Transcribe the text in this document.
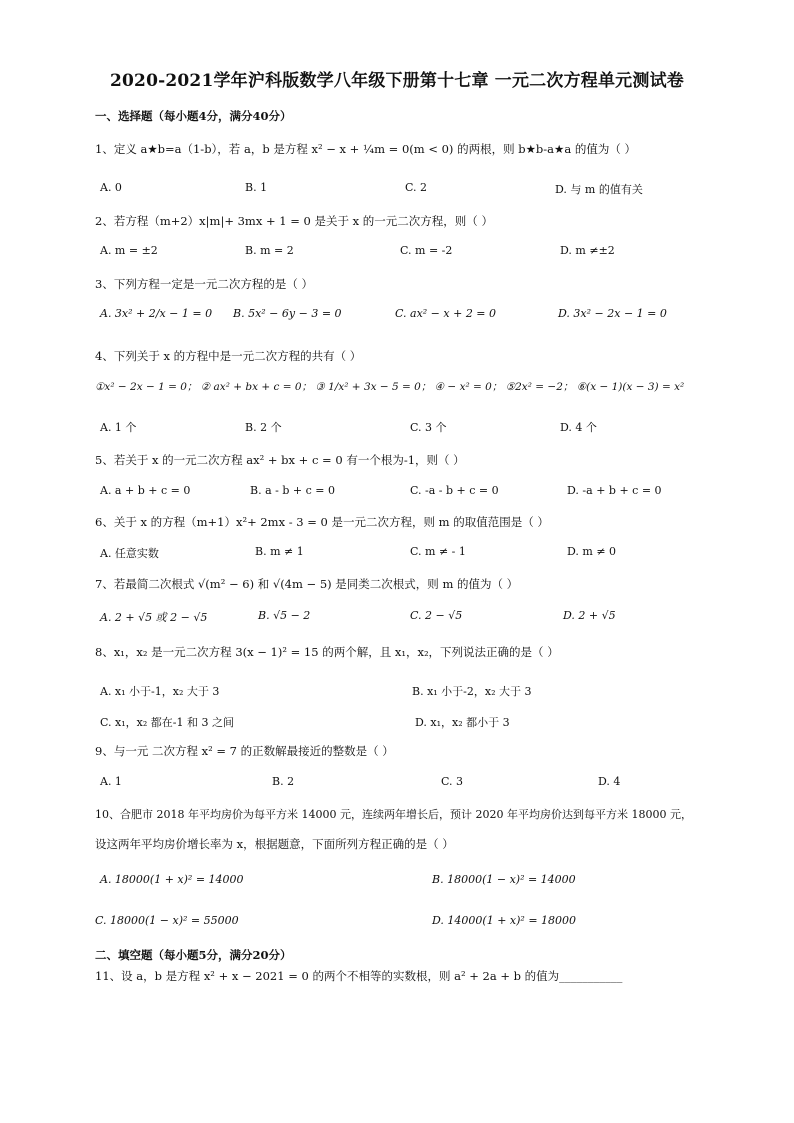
2020-2021学年沪科版数学八年级下册第十七章 一元二次方程单元测试卷
一、选择题（每小题4分，满分40分）
1、定义 a★b=a（1-b），若 a，b 是方程 x² − x + ¼m = 0(m < 0) 的两根，则 b★b-a★a 的值为（ ）
A. 0	B. 1	C. 2	D. 与 m 的值有关
2、若方程（m+2）x|m|+ 3mx + 1 = 0 是关于 x 的一元二次方程，则（ ）
A. m = ±2	B. m = 2	C. m = -2	D. m ≠±2
3、下列方程一定是一元二次方程的是（ ）
A. 3x² + 2/x − 1 = 0 B. 5x² − 6y − 3 = 0	C. ax² − x + 2 = 0	D. 3x² − 2x − 1 = 0
4、下列关于 x 的方程中是一元二次方程的共有（ ）
①x² − 2x − 1 = 0； ② ax² + bx + c = 0； ③ 1/x² + 3x − 5 = 0； ④ − x² = 0； ⑤2x² = −2； ⑥(x − 1)(x − 3) = x²
A. 1 个	B. 2 个	C. 3 个	D. 4 个
5、若关于 x 的一元二次方程 ax² + bx + c = 0 有一个根为-1，则（ ）
A. a + b + c = 0	B. a - b + c = 0	C. -a - b + c = 0	D. -a + b + c = 0
6、关于 x 的方程（m+1）x²+ 2mx - 3 = 0 是一元二次方程，则 m 的取值范围是（ ）
A. 任意实数	B. m ≠ 1	C. m ≠ - 1	D. m ≠ 0
7、若最简二次根式 √(m² − 6) 和 √(4m − 5) 是同类二次根式，则 m 的值为（ ）
A. 2 + √5 或 2 − √5	B. √5 − 2	C. 2 − √5	D. 2 + √5
8、x₁，x₂ 是一元二次方程 3(x − 1)² = 15 的两个解，且 x₁，x₂，下列说法正确的是（ ）
A. x₁ 小于-1，x₂ 大于 3	B. x₁ 小于-2，x₂ 大于 3
C. x₁，x₂ 都在-1 和 3 之间	D. x₁，x₂ 都小于 3
9、与一元 二次方程 x² = 7 的正数解最接近的整数是（ ）
A. 1	B. 2	C. 3	D. 4
10、合肥市 2018 年平均房价为每平方米 14000 元，连续两年增长后，预计 2020 年平均房价达到每平方米 18000 元，
设这两年平均房价增长率为 x，根据题意，下面所列方程正确的是（ ）
A. 18000(1 + x)² = 14000	B. 18000(1 − x)² = 14000
C. 18000(1 − x)² = 55000	D. 14000(1 + x)² = 18000
二、填空题（每小题5分，满分20分）
11、设 a，b 是方程 x² + x − 2021 = 0 的两个不相等的实数根，则 a² + 2a + b 的值为___________
